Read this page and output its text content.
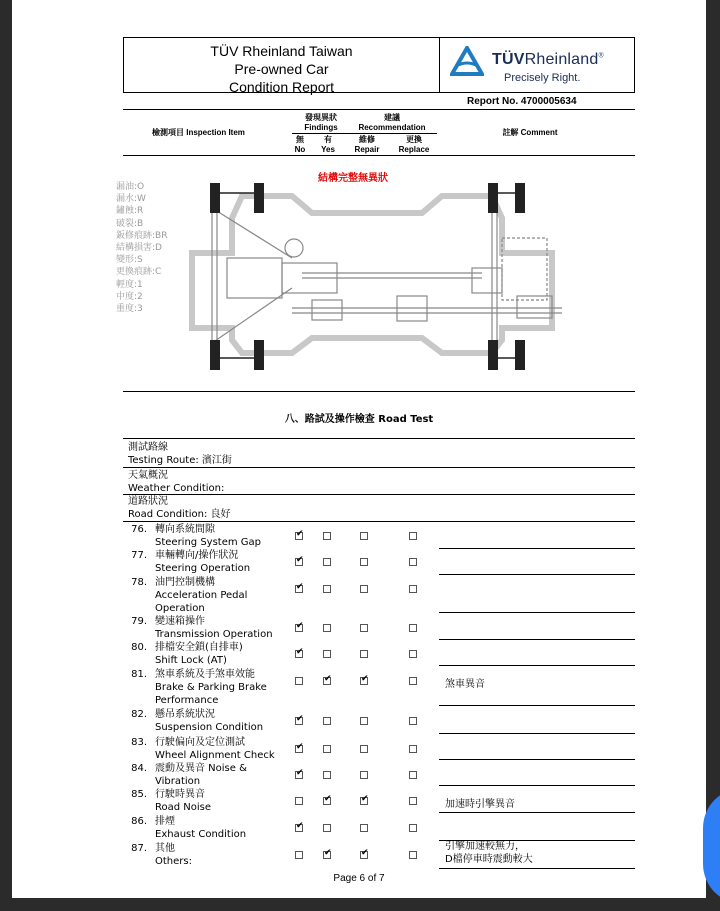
TÜV Rheinland Taiwan
Pre-owned Car
Condition Report
TÜVRheinland®
Precisely Right.
Report No. 4700005634
檢測項目 Inspection Item
發現異狀
Findings
建議
Recommendation
無
No
有
Yes
維修
Repair
更換
Replace
註解 Comment
漏油:O
漏水:W
鏽蝕:R
破裂:B
鈑修痕跡:BR
結構損害:D
變形:S
更換痕跡:C
輕度:1
中度:2
重度:3
結構完整無異狀
八、路試及操作檢查 Road Test
測試路線
Testing Route: 濱江街
天氣概況
Weather Condition:
道路狀況
Road Condition: 良好
76. 轉向系統間隙
Steering System Gap
✔
77. 車輛轉向/操作狀況
Steering Operation
✔
78. 油門控制機構
Acceleration Pedal
Operation
✔
79. 變速箱操作
Transmission Operation
✔
80. 排檔安全鎖(自排車)
Shift Lock (AT)
✔
81. 煞車系統及手煞車效能
Brake & Parking Brake
Performance
✔
✔
煞車異音
82. 懸吊系統狀況
Suspension Condition
✔
83. 行駛偏向及定位測試
Wheel Alignment Check
✔
84. 震動及異音 Noise &
Vibration
✔
85. 行駛時異音
Road Noise ✔ ✔	加速時引擎異音
86. 排煙
Exhaust Condition
✔
87. 其他
Others:
✔
✔
引擎加速較無力，
D檔停車時震動較大
Page 6 of 7
